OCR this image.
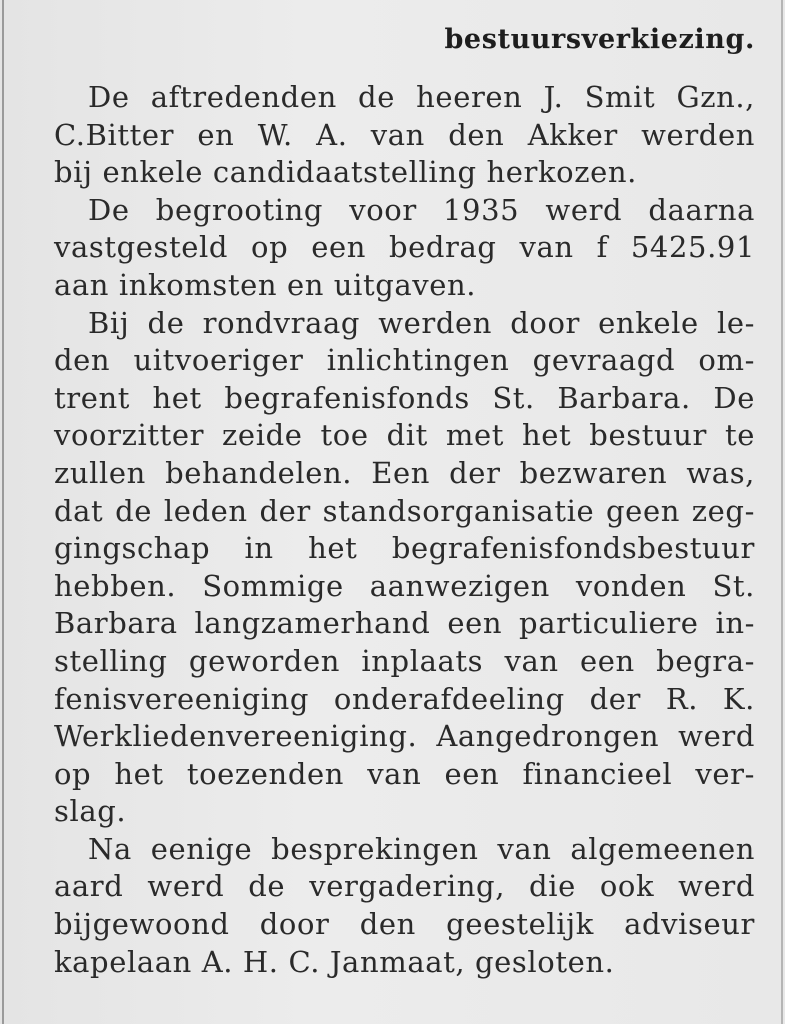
bestuursverkiezing.
De aftredenden de heeren J. Smit Gzn.,
C.Bitter en W. A. van den Akker werden
bij enkele candidaatstelling herkozen.
De begrooting voor 1935 werd daarna
vastgesteld op een bedrag van f 5425.91
aan inkomsten en uitgaven.
Bij de rondvraag werden door enkele le-
den uitvoeriger inlichtingen gevraagd om-
trent het begrafenisfonds St. Barbara. De
voorzitter zeide toe dit met het bestuur te
zullen behandelen. Een der bezwaren was,
dat de leden der standsorganisatie geen zeg-
gingschap in het begrafenisfondsbestuur
hebben. Sommige aanwezigen vonden St.
Barbara langzamerhand een particuliere in-
stelling geworden inplaats van een begra-
fenisvereeniging onderafdeeling der R. K.
Werkliedenvereeniging. Aangedrongen werd
op het toezenden van een financieel ver-
slag.
Na eenige besprekingen van algemeenen
aard werd de vergadering, die ook werd
bijgewoond door den geestelijk adviseur
kapelaan A. H. C. Janmaat, gesloten.
